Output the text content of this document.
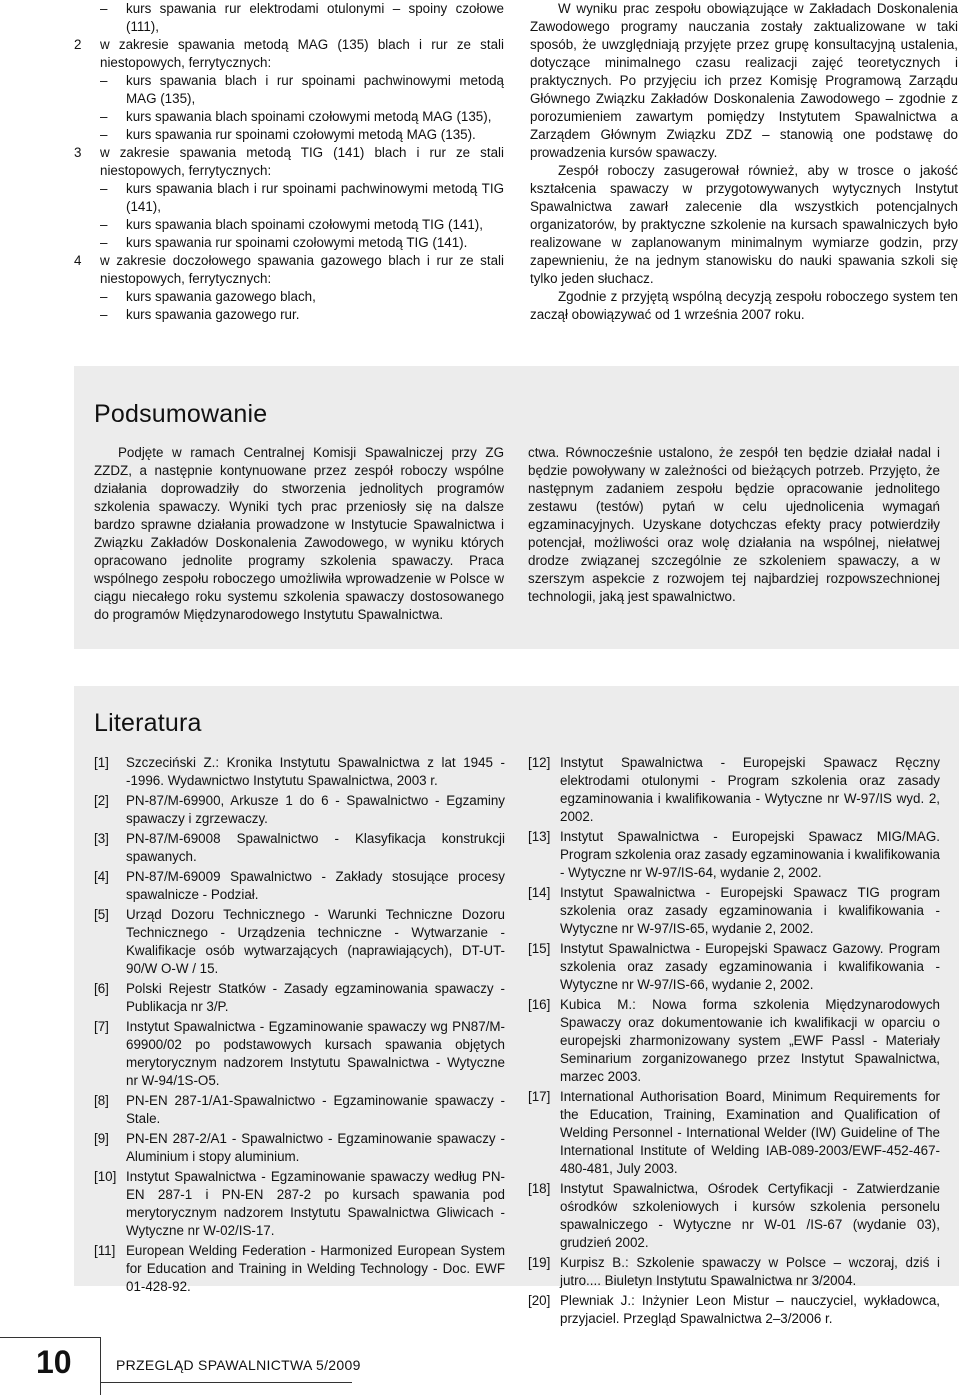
–	kurs spawania rur elektrodami otulonymi – spoiny czołowe (111),
2	w zakresie spawania metodą MAG (135) blach i rur ze stali niestopowych, ferrytycznych:
–	kurs spawania blach i rur spoinami pachwinowymi metodą MAG (135),
–	kurs spawania blach spoinami czołowymi metodą MAG (135),
–	kurs spawania rur spoinami czołowymi metodą MAG (135).
3	w zakresie spawania metodą TIG (141) blach i rur ze stali niestopowych, ferrytycznych:
–	kurs spawania blach i rur spoinami pachwinowymi metodą TIG (141),
–	kurs spawania blach spoinami czołowymi metodą TIG (141),
–	kurs spawania rur spoinami czołowymi metodą TIG (141).
4	w zakresie doczołowego spawania gazowego blach i rur ze stali niestopowych, ferrytycznych:
–	kurs spawania gazowego blach,
–	kurs spawania gazowego rur.

W wyniku prac zespołu obowiązujące w Zakładach Doskonalenia Zawodowego programy nauczania zostały zaktualizowane w taki sposób, że uwzględniają przyjęte przez grupę konsultacyjną ustalenia, dotyczące minimalnego czasu realizacji zajęć teoretycznych i praktycznych. Po przyjęciu ich przez Komisję Programową Zarządu Głównego Związku Zakładów Doskonalenia Zawodowego – zgodnie z porozumieniem zawartym pomiędzy Instytutem Spawalnictwa a Zarządem Głównym Związku ZDZ – stanowią one podstawę do prowadzenia kursów spawaczy.

Zespół roboczy zasugerował również, aby w trosce o jakość kształcenia spawaczy w przygotowywanych wytycznych Instytut Spawalnictwa zawarł zalecenie dla wszystkich potencjalnych organizatorów, by praktyczne szkolenie na kursach spawalniczych było realizowane w zaplanowanym minimalnym wymiarze godzin, przy zapewnieniu, że na jednym stanowisku do nauki spawania szkoli się tylko jeden słuchacz.

Zgodnie z przyjętą wspólną decyzją zespołu roboczego system ten zaczął obowiązywać od 1 września 2007 roku.

Podsumowanie
Podjęte w ramach Centralnej Komisji Spawalniczej przy ZG ZZDZ, a następnie kontynuowane przez zespół roboczy wspólne działania doprowadziły do stworzenia jednolitych programów szkolenia spawaczy. Wyniki tych prac przeniosły się na dalsze bardzo sprawne działania prowadzone w Instytucie Spawalnictwa i Związku Zakładów Doskonalenia Zawodowego, w wyniku których opracowano jednolite programy szkolenia spawaczy. Praca wspólnego zespołu roboczego umożliwiła wprowadzenie w Polsce w ciągu niecałego roku systemu szkolenia spawaczy dostosowanego do programów Międzynarodowego Instytutu Spawalnictwa.
ctwa. Równocześnie ustalono, że zespół ten będzie działał nadal i będzie powoływany w zależności od bieżących potrzeb. Przyjęto, że następnym zadaniem zespołu będzie opracowanie jednolitego zestawu (testów) pytań w celu ujednolicenia wymagań egzaminacyjnych. Uzyskane dotychczas efekty pracy potwierdziły potencjał, możliwości oraz wolę działania na wspólnej, niełatwej drodze związanej szczególnie ze szkoleniem spawaczy, a w szerszym aspekcie z rozwojem tej najbardziej rozpowszechnionej technologii, jaką jest spawalnictwo.
Literatura
[1]	Szczeciński Z.: Kronika Instytutu Spawalnictwa z lat 1945 - -1996. Wydawnictwo Instytutu Spawalnictwa, 2003 r.
[2]	PN-87/M-69900, Arkusze 1 do 6 - Spawalnictwo - Egzaminy spawaczy i zgrzewaczy.
[3]	PN-87/M-69008 Spawalnictwo - Klasyfikacja konstrukcji spawanych.
[4]	PN-87/M-69009 Spawalnictwo - Zakłady stosujące procesy spawalnicze - Podział.
[5]	Urząd Dozoru Technicznego - Warunki Techniczne Dozoru Technicznego - Urządzenia techniczne - Wytwarzanie - Kwalifikacje osób wytwarzających (naprawiających), DT-UT-90/W O-W / 15.
[6]	Polski Rejestr Statków - Zasady egzaminowania spawaczy - Publikacja nr 3/P.
[7]	Instytut Spawalnictwa - Egzaminowanie spawaczy wg PN87/M-69900/02 po podstawowych kursach spawania objętych merytorycznym nadzorem Instytutu Spawalnictwa - Wytyczne nr W-94/1S-O5.
[8]	PN-EN 287-1/A1-Spawalnictwo - Egzaminowanie spawaczy - Stale.
[9]	PN-EN 287-2/A1 - Spawalnictwo - Egzaminowanie spawaczy - Aluminium i stopy aluminium.
[10] Instytut Spawalnictwa - Egzaminowanie spawaczy według PN-EN 287-1 i PN-EN 287-2 po kursach spawania pod merytorycznym nadzorem Instytutu Spawalnictwa Gliwicach - Wytyczne nr W-02/IS-17.
[11] European Welding Federation - Harmonized European System for Education and Training in Welding Technology - Doc. EWF 01-428-92.
[12] Instytut Spawalnictwa - Europejski Spawacz Ręczny elektrodami otulonymi - Program szkolenia oraz zasady egzaminowania i kwalifikowania - Wytyczne nr W-97/IS wyd. 2, 2002.
[13] Instytut Spawalnictwa - Europejski Spawacz MIG/MAG. Program szkolenia oraz zasady egzaminowania i kwalifikowania - Wytyczne nr W-97/IS-64, wydanie 2, 2002.
[14] Instytut Spawalnictwa - Europejski Spawacz TIG program szkolenia oraz zasady egzaminowania i kwalifikowania - Wytyczne nr W-97/IS-65, wydanie 2, 2002.
[15] Instytut Spawalnictwa - Europejski Spawacz Gazowy. Program szkolenia oraz zasady egzaminowania i kwalifikowania - Wytyczne nr W-97/IS-66, wydanie 2, 2002.
[16] Kubica M.: Nowa forma szkolenia Międzynarodowych Spawaczy oraz dokumentowanie ich kwalifikacji w oparciu o europejski zharmonizowany system „EWF Passl - Materiały Seminarium zorganizowanego przez Instytut Spawalnictwa, marzec 2003.
[17] International Authorisation Board, Minimum Requirements for the Education, Training, Examination and Qualification of Welding Personnel - International Welder (IW) Guideline of The International Institute of Welding IAB-089-2003/EWF-452-467-480-481, July 2003.
[18] Instytut Spawalnictwa, Ośrodek Certyfikacji - Zatwierdzanie ośrodków szkoleniowych i kursów szkolenia personelu spawalniczego - Wytyczne nr W-01 /IS-67 (wydanie 03), grudzień 2002.
[19] Kurpisz B.: Szkolenie spawaczy w Polsce – wczoraj, dziś i jutro.... Biuletyn Instytutu Spawalnictwa nr 3/2004.
[20] Plewniak J.: Inżynier Leon Mistur – nauczyciel, wykładowca, przyjaciel. Przegląd Spawalnictwa 2–3/2006 r.
10	PRZEGLĄD SPAWALNICTWA 5/2009
